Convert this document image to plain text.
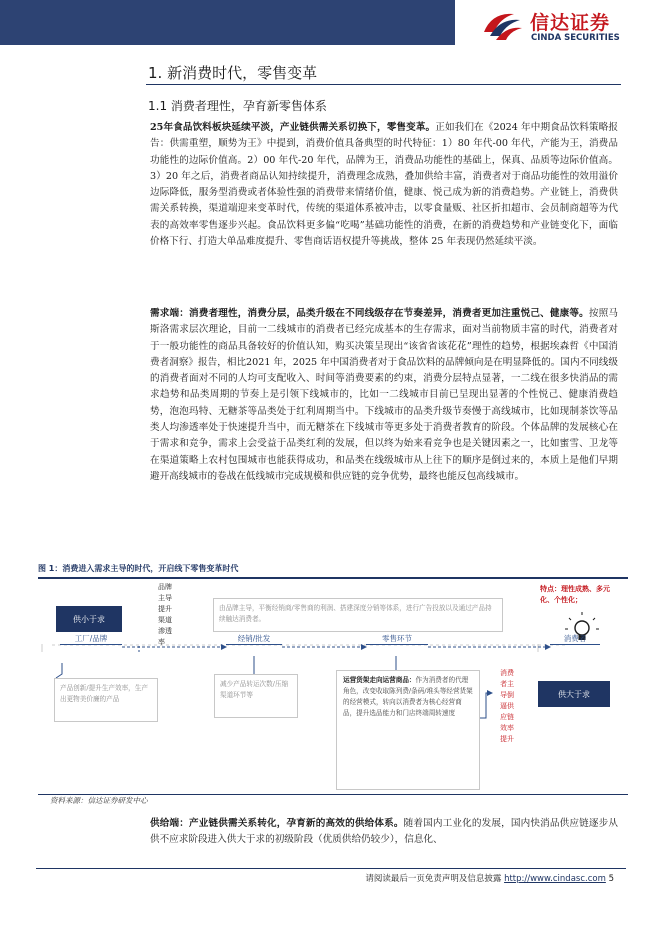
信达证券
CINDA SECURITIES
1. 新消费时代，零售变革
1.1 消费者理性，孕育新零售体系
25年食品饮料板块延续平淡，产业链供需关系切换下，零售变革。正如我们在《2024 年中期食品饮料策略报告：供需重塑，顺势为王》中提到，消费价值具备典型的时代特征：1）80 年代-00 年代，产能为王，消费品功能性的边际价值高。2）00 年代-20 年代，品牌为王，消费品功能性的基础上，保真、品质等边际价值高。3）20 年之后，消费者商品认知持续提升，消费理念成熟，叠加供给丰富，消费者对于商品功能性的效用溢价边际降低，服务型消费或者体验性强的消费带来情绪价值，健康、悦己成为新的消费趋势。产业链上，消费供需关系转换，渠道端迎来变革时代，传统的渠道体系被冲击，以零食量贩、社区折扣超市、会员制商超等为代表的高效率零售逐步兴起。食品饮料更多偏“吃喝”基础功能性的消费，在新的消费趋势和产业链变化下，面临价格下行、打造大单品难度提升、零售商话语权提升等挑战，整体 25 年表现仍然延续平淡。
需求端：消费者理性，消费分层，品类升级在不同线级存在节奏差异，消费者更加注重悦己、健康等。按照马斯洛需求层次理论，目前一二线城市的消费者已经完成基本的生存需求，面对当前物质丰富的时代，消费者对于一般功能性的商品具备较好的价值认知，购买决策呈现出“该省省该花花”理性的趋势，根据埃森哲《中国消费者洞察》报告，相比2021 年，2025 年中国消费者对于食品饮料的品牌倾向是在明显降低的。国内不同线级的消费者面对不同的人均可支配收入、时间等消费要素的约束，消费分层特点显著，一二线在很多快消品的需求趋势和品类周期的节奏上是引领下线城市的，比如一二线城市目前已呈现出显著的个性悦己、健康消费趋势，泡泡玛特、无糖茶等品类处于红利周期当中。下线城市的品类升级节奏慢于高线城市，比如现制茶饮等品类人均渗透率处于快速提升当中，而无糖茶在下线城市等更多处于消费者教育的阶段。个体品牌的发展核心在于需求和竞争，需求上会受益于品类红利的发展，但以终为始来看竞争也是关键因素之一，比如蜜雪、卫龙等在渠道策略上农村包围城市也能获得成功，和品类在线级城市从上往下的顺序是倒过来的，本质上是他们早期避开高线城市的卷战在低线城市完成规模和供应链的竞争优势，最终也能反包高线城市。
图 1：消费进入需求主导的时代，开启线下零售变革时代
供小于求
品牌主导提升渠道渗透率
由品牌主导，平衡经销商/零售商的利润、搭建深度分销等体系，进行广告投放以及通过产品持续触达消费者。
特点：理性成熟、多元化、个性化；
工厂/品牌	经销/批发	零售环节	消费者
产品创新/提升生产效率，生产出更物美价廉的产品
减少产品转运次数/压缩渠道环节等
运营货架走向运营商品：作为消费者的代理角色，改变收取陈列费/条码/堆头等经营货架的经营模式，转向以消费者为核心经营商品，提升选品能力和门店终端周转速度
消费者主导倒逼供应链效率提升
供大于求
资料来源：信达证券研发中心
供给端：产业链供需关系转化，孕育新的高效的供给体系。随着国内工业化的发展，国内快消品供应链逐步从供不应求阶段进入供大于求的初级阶段（优质供给仍较少），信息化、
请阅读最后一页免责声明及信息披露 http://www.cindasc.com 5
